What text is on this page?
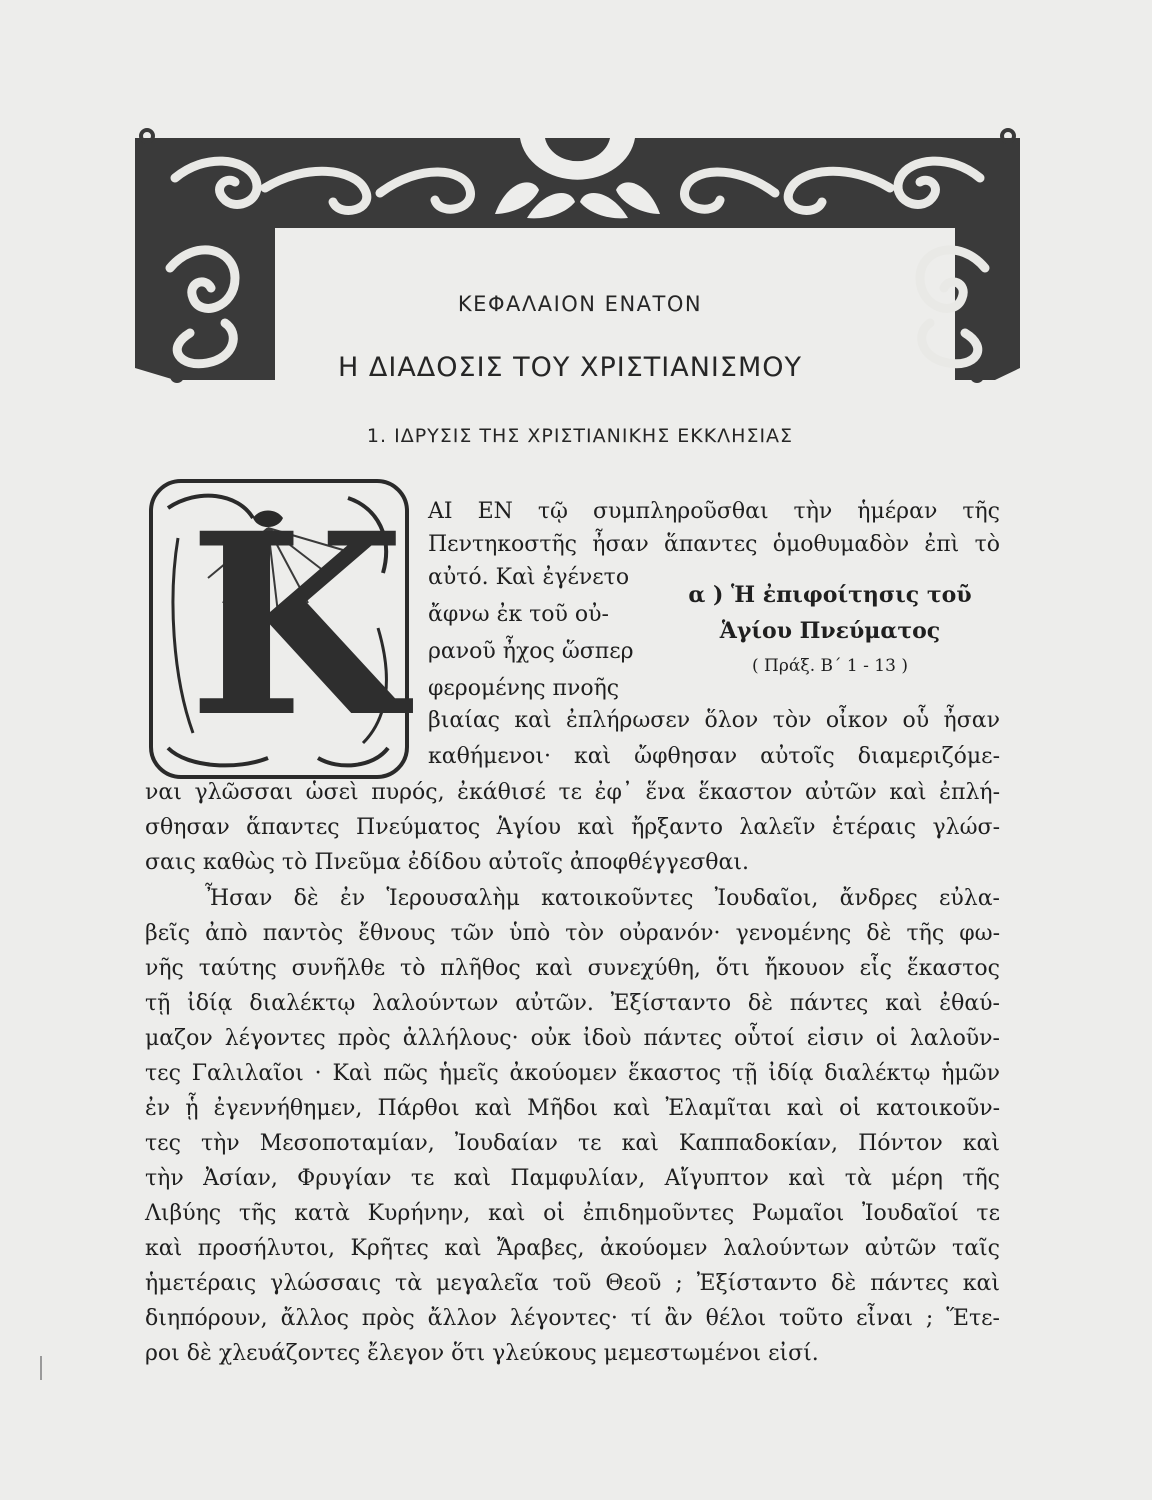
ΚΕΦΑΛΑΙΟΝ ΕΝΑΤΟΝ
Η ΔΙΑΔΟΣΙΣ ΤΟΥ ΧΡΙΣΤΙΑΝΙΣΜΟΥ
1. ΙΔΡΥΣΙΣ ΤΗΣ ΧΡΙΣΤΙΑΝΙΚΗΣ ΕΚΚΛΗΣΙΑΣ
Κ	α ) Ἡ ἐπιφοίτησις τοῦ
Ἁγίου Πνεύματος
( Πράξ. Β΄ 1 - 13 )
ΑΙ ΕΝ τῷ συμπληροῦσθαι τὴν ἡμέραν τῆς
Πεντηκοστῆς ἦσαν ἅπαντες ὁμοθυμαδὸν ἐπὶ τὸ
αὐτό. Καὶ ἐγένετο
ἄφνω ἐκ τοῦ οὐ-
ρανοῦ ἦχος ὥσπερ
φερομένης πνοῆς
βιαίας καὶ ἐπλήρωσεν ὅλον τὸν οἶκον οὗ ἦσαν
καθήμενοι· καὶ ὤφθησαν αὐτοῖς διαμεριζόμε-
ναι γλῶσσαι ὡσεὶ πυρός, ἐκάθισέ τε ἐφ᾿ ἕνα ἕκαστον αὐτῶν καὶ ἐπλή-
σθησαν ἅπαντες Πνεύματος Ἁγίου καὶ ἤρξαντο λαλεῖν ἑτέραις γλώσ-
σαις καθὼς τὸ Πνεῦμα ἐδίδου αὐτοῖς ἀποφθέγγεσθαι.
Ἦσαν δὲ ἐν Ἱερουσαλὴμ κατοικοῦντες Ἰουδαῖοι, ἄνδρες εὐλα-
βεῖς ἀπὸ παντὸς ἔθνους τῶν ὑπὸ τὸν οὐρανόν· γενομένης δὲ τῆς φω-
νῆς ταύτης συνῆλθε τὸ πλῆθος καὶ συνεχύθη, ὅτι ἤκουον εἷς ἕκαστος
τῇ ἰδίᾳ διαλέκτῳ λαλούντων αὐτῶν. Ἐξίσταντο δὲ πάντες καὶ ἐθαύ-
μαζον λέγοντες πρὸς ἀλλήλους· οὐκ ἰδοὺ πάντες οὗτοί εἰσιν οἱ λαλοῦν-
τες Γαλιλαῖοι · Καὶ πῶς ἡμεῖς ἀκούομεν ἕκαστος τῇ ἰδίᾳ διαλέκτῳ ἡμῶν
ἐν ᾗ ἐγεννήθημεν, Πάρθοι καὶ Μῆδοι καὶ Ἐλαμῖται καὶ οἱ κατοικοῦν-
τες τὴν Μεσοποταμίαν, Ἰουδαίαν τε καὶ Καππαδοκίαν, Πόντον καὶ
τὴν Ἀσίαν, Φρυγίαν τε καὶ Παμφυλίαν, Αἴγυπτον καὶ τὰ μέρη τῆς
Λιβύης τῆς κατὰ Κυρήνην, καὶ οἱ ἐπιδημοῦντες Ρωμαῖοι Ἰουδαῖοί τε
καὶ προσήλυτοι, Κρῆτες καὶ Ἄραβες, ἀκούομεν λαλούντων αὐτῶν ταῖς
ἡμετέραις γλώσσαις τὰ μεγαλεῖα τοῦ Θεοῦ ; Ἐξίσταντο δὲ πάντες καὶ
διηπόρουν, ἄλλος πρὸς ἄλλον λέγοντες· τί ἂν θέλοι τοῦτο εἶναι ; Ἕτε-
ροι δὲ χλευάζοντες ἔλεγον ὅτι γλεύκους μεμεστωμένοι εἰσί.
